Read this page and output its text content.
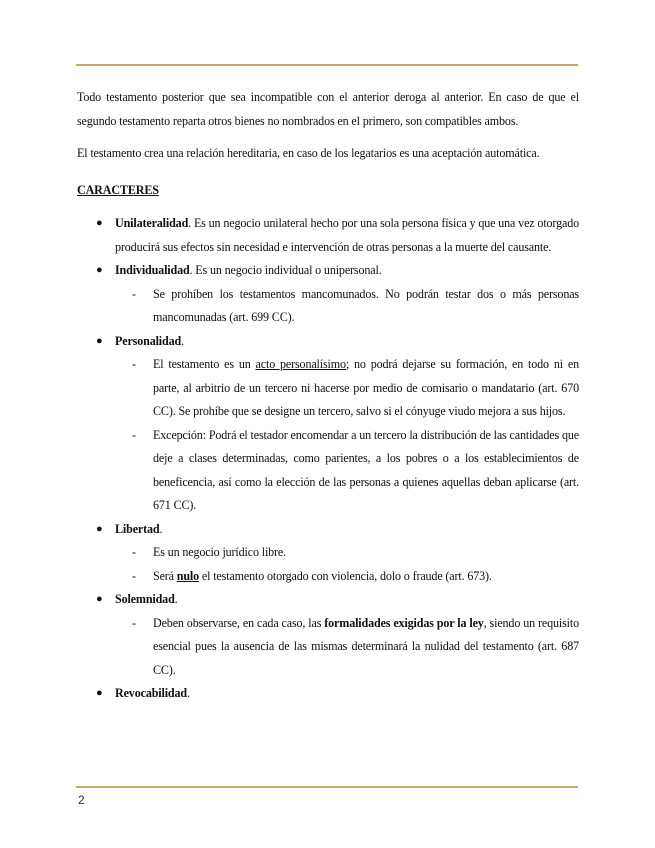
Todo testamento posterior que sea incompatible con el anterior deroga al anterior. En caso de que el segundo testamento reparta otros bienes no nombrados en el primero, son compatibles ambos.

El testamento crea una relación hereditaria, en caso de los legatarios es una aceptación automática.

CARACTERES
● Unilateralidad. Es un negocio unilateral hecho por una sola persona física y que una vez otorgado producirá sus efectos sin necesidad e intervención de otras personas a la muerte del causante.
● Individualidad. Es un negocio individual o unipersonal.
- Se prohíben los testamentos mancomunados. No podrán testar dos o más personas mancomunadas (art. 699 CC).
● Personalidad.
- El testamento es un acto personalísimo; no podrá dejarse su formación, en todo ni en parte, al arbitrio de un tercero ni hacerse por medio de comisario o mandatario (art. 670 CC). Se prohíbe que se designe un tercero, salvo si el cónyuge viudo mejora a sus hijos.
- Excepción: Podrá el testador encomendar a un tercero la distribución de las cantidades que deje a clases determinadas, como parientes, a los pobres o a los establecimientos de beneficencia, así como la elección de las personas a quienes aquellas deban aplicarse (art. 671 CC).
● Libertad.
- Es un negocio jurídico libre.
- Será nulo el testamento otorgado con violencia, dolo o fraude (art. 673).
● Solemnidad.
- Deben observarse, en cada caso, las formalidades exigidas por la ley, siendo un requisito esencial pues la ausencia de las mismas determinará la nulidad del testamento (art. 687 CC).
● Revocabilidad.
2
